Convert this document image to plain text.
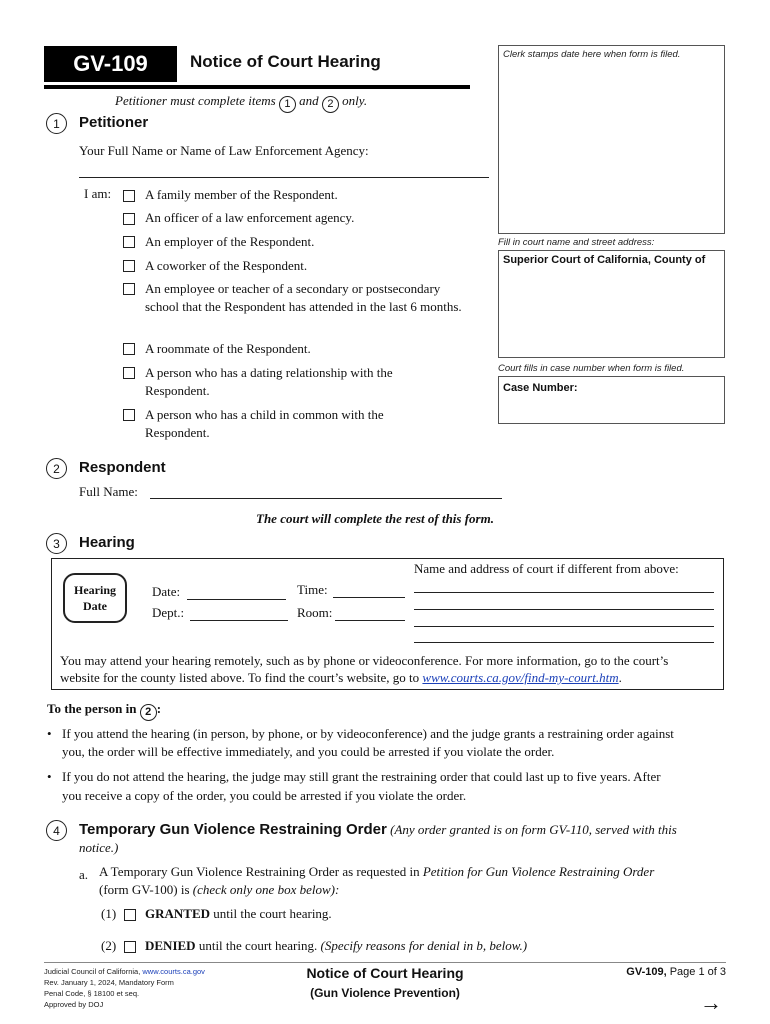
GV-109	Notice of Court Hearing	Clerk stamps date here when form is filed.
Fill in court name and street address:
Superior Court of California, County of
Court fills in case number when form is filed.
Case Number:
Petitioner must complete items 1 and 2 only.
1	Petitioner
Your Full Name or Name of Law Enforcement Agency:
I am:	A family member of the Respondent.
An officer of a law enforcement agency.
An employer of the Respondent.
A coworker of the Respondent.
An employee or teacher of a secondary or postsecondary school that the Respondent has attended in the last 6 months.
A roommate of the Respondent.
A person who has a dating relationship with the Respondent.
A person who has a child in common with the Respondent.
2	Respondent
Full Name:
The court will complete the rest of this form.
3	Hearing
Hearing
Date
Date:	Time:
Dept.:	Room:
Name and address of court if different from above:
You may attend your hearing remotely, such as by phone or videoconference. For more information, go to the court’s
website for the county listed above. To find the court’s website, go to www.courts.ca.gov/find-my-court.htm.
To the person in 2 :
• If you attend the hearing (in person, by phone, or by videoconference) and the judge grants a restraining order against
you, the order will be effective immediately, and you could be arrested if you violate the order.
• If you do not attend the hearing, the judge may still grant the restraining order that could last up to five years. After
you receive a copy of the order, you could be arrested if you violate the order.
4	Temporary Gun Violence Restraining Order (Any order granted is on form GV-110, served with this
notice.)
a. A Temporary Gun Violence Restraining Order as requested in Petition for Gun Violence Restraining Order
(form GV-100) is (check only one box below):
(1) GRANTED until the court hearing.
(2) DENIED until the court hearing. (Specify reasons for denial in b, below.)
Judicial Council of California, www.courts.ca.gov
Rev. January 1, 2024, Mandatory Form
Penal Code, § 18100 et seq.
Approved by DOJ
Notice of Court Hearing
(Gun Violence Prevention)
GV-109, Page 1 of 3
→
